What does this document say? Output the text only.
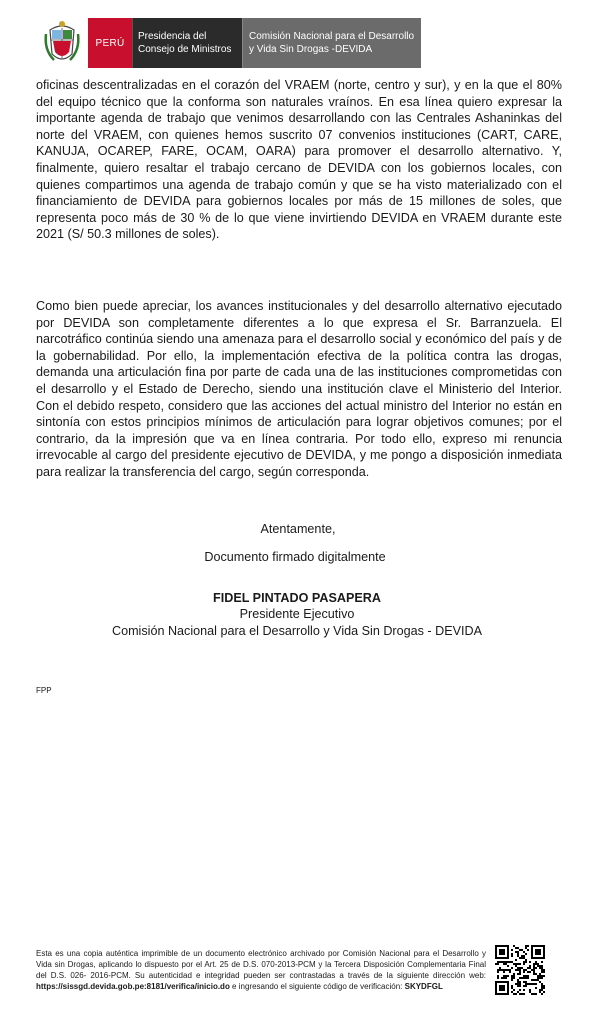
PERÚ
Presidencia del
Consejo de Ministros
Comisión Nacional para el Desarrollo
y Vida Sin Drogas -DEVIDA

oficinas descentralizadas en el corazón del VRAEM (norte, centro y sur), y en la que el 80% del equipo técnico que la conforma son naturales vraínos. En esa línea quiero expresar la importante agenda de trabajo que venimos desarrollando con las Centrales Ashaninkas del norte del VRAEM, con quienes hemos suscrito 07 convenios instituciones (CART, CARE, KANUJA, OCAREP, FARE, OCAM, OARA) para promover el desarrollo alternativo. Y, finalmente, quiero resaltar el trabajo cercano de DEVIDA con los gobiernos locales, con quienes compartimos una agenda de trabajo común y que se ha visto materializado con el financiamiento de DEVIDA para gobiernos locales por más de 15 millones de soles, que representa poco más de 30 % de lo que viene invirtiendo DEVIDA en VRAEM durante este 2021 (S/ 50.3 millones de soles).

Como bien puede apreciar, los avances institucionales y del desarrollo alternativo ejecutado por DEVIDA son completamente diferentes a lo que expresa el Sr. Barranzuela. El narcotráfico continúa siendo una amenaza para el desarrollo social y económico del país y de la gobernabilidad. Por ello, la implementación efectiva de la política contra las drogas, demanda una articulación fina por parte de cada una de las instituciones comprometidas con el desarrollo y el Estado de Derecho, siendo una institución clave el Ministerio del Interior. Con el debido respeto, considero que las acciones del actual ministro del Interior no están en sintonía con estos principios mínimos de articulación para lograr objetivos comunes; por el contrario, da la impresión que va en línea contraria. Por todo ello, expreso mi renuncia irrevocable al cargo del presidente ejecutivo de DEVIDA, y me pongo a disposición inmediata para realizar la transferencia del cargo, según corresponda.

Atentamente,

Documento firmado digitalmente

FIDEL PINTADO PASAPERA

Presidente Ejecutivo

Comisión Nacional para el Desarrollo y Vida Sin Drogas - DEVIDA

FPP

Esta es una copia auténtica imprimible de un documento electrónico archivado por Comisión Nacional para el Desarrollo y Vida sin Drogas, aplicando lo dispuesto por el Art. 25 de D.S. 070-2013-PCM y la Tercera Disposición Complementaria Final del D.S. 026- 2016-PCM. Su autenticidad e integridad pueden ser contrastadas a través de la siguiente dirección web: https://sissgd.devida.gob.pe:8181/verifica/inicio.do e ingresando el siguiente código de verificación: SKYDFGL
